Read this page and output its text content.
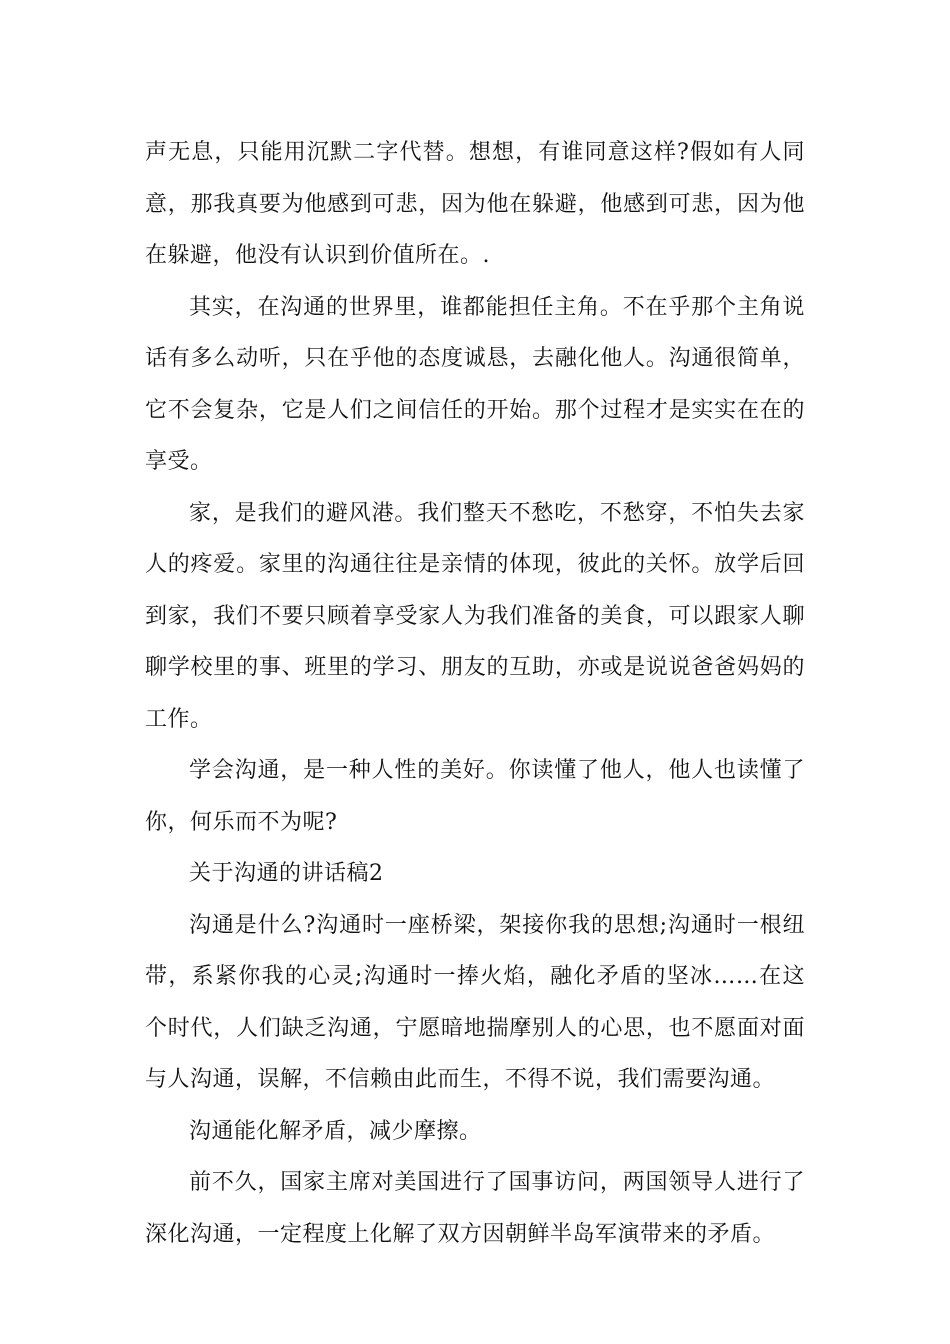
声无息，只能用沉默二字代替。想想，有谁同意这样?假如有人同意，那我真要为他感到可悲，因为他在躲避，他感到可悲，因为他在躲避，他没有认识到价值所在。.

其实，在沟通的世界里，谁都能担任主角。不在乎那个主角说话有多么动听，只在乎他的态度诚恳，去融化他人。沟通很简单，它不会复杂，它是人们之间信任的开始。那个过程才是实实在在的享受。

家，是我们的避风港。我们整天不愁吃，不愁穿，不怕失去家人的疼爱。家里的沟通往往是亲情的体现，彼此的关怀。放学后回到家，我们不要只顾着享受家人为我们准备的美食，可以跟家人聊聊学校里的事、班里的学习、朋友的互助，亦或是说说爸爸妈妈的工作。

学会沟通，是一种人性的美好。你读懂了他人，他人也读懂了你，何乐而不为呢?

关于沟通的讲话稿2

沟通是什么?沟通时一座桥梁，架接你我的思想;沟通时一根纽带，系紧你我的心灵;沟通时一捧火焰，融化矛盾的坚冰……在这个时代，人们缺乏沟通，宁愿暗地揣摩别人的心思，也不愿面对面与人沟通，误解，不信赖由此而生，不得不说，我们需要沟通。

沟通能化解矛盾，减少摩擦。

前不久，国家主席对美国进行了国事访问，两国领导人进行了深化沟通，一定程度上化解了双方因朝鲜半岛军演带来的矛盾。
